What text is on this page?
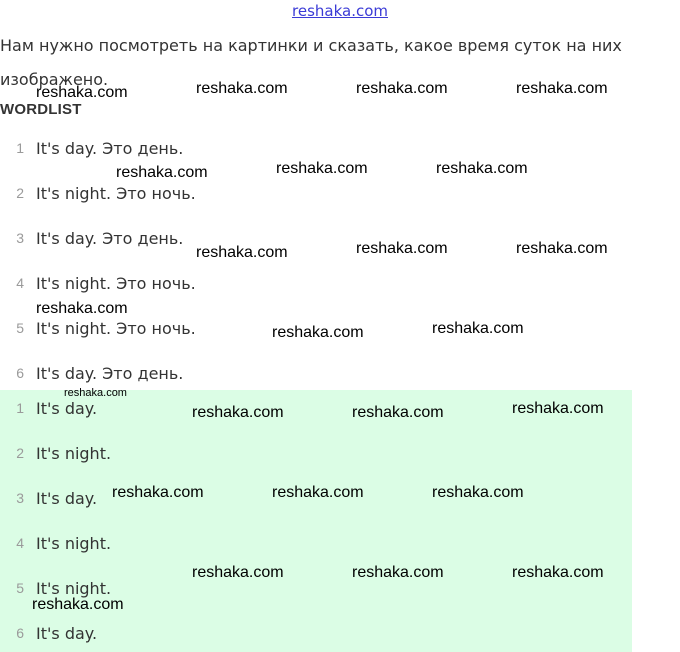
reshaka.com

Нам нужно посмотреть на картинки и сказать, какое время суток на них изображено.

WORDLIST
1 It's day. Это день.
2 It's night. Это ночь.
3 It's day. Это день.
4 It's night. Это ночь.
5 It's night. Это ночь.
6 It's day. Это день.
1 It's day.
2 It's night.
3 It's day.
4 It's night.
5 It's night.
6 It's day.
reshaka.com	reshaka.com	reshaka.com	reshaka.com
reshaka.com	reshaka.com	reshaka.com
reshaka.com	reshaka.com	reshaka.com
reshaka.com
reshaka.com	reshaka.com
reshaka.com
reshaka.com	reshaka.com	reshaka.com
reshaka.com	reshaka.com	reshaka.com
reshaka.com	reshaka.com	reshaka.com
reshaka.com
